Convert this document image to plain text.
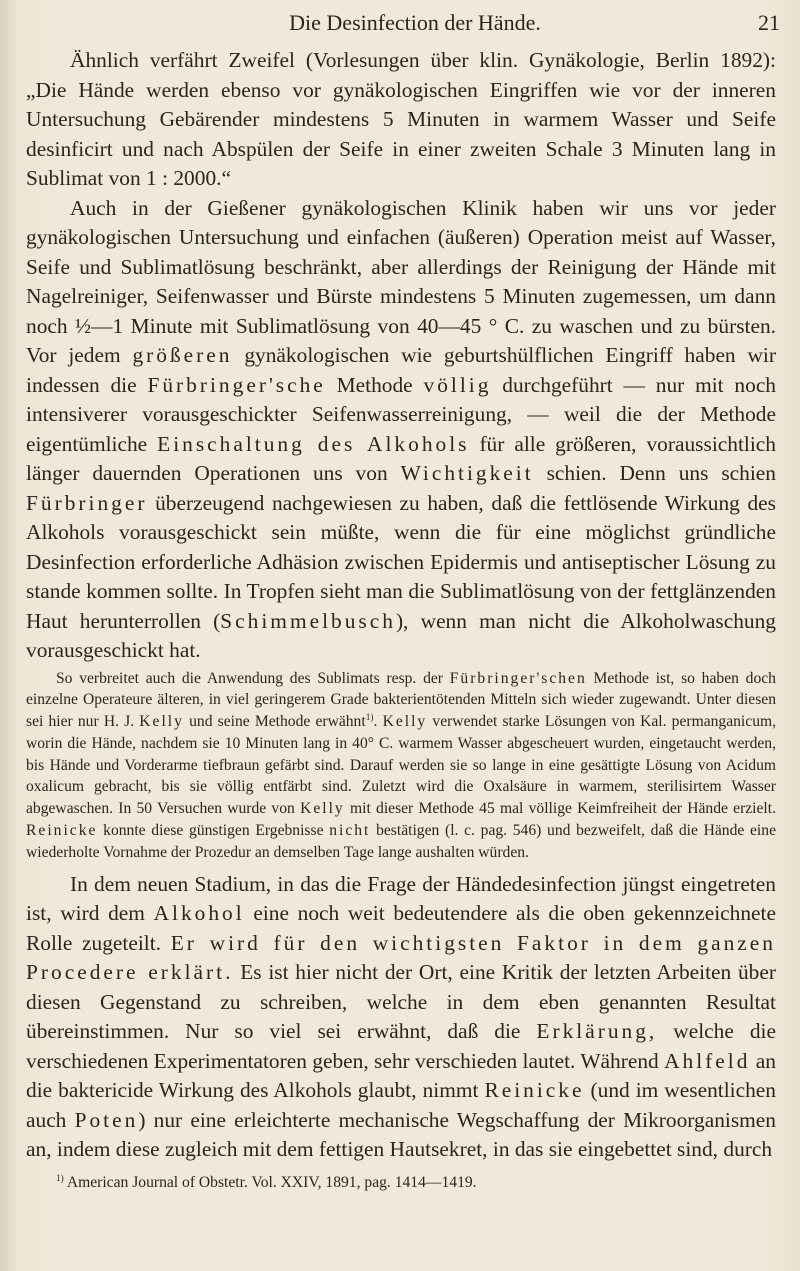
Die Desinfection der Hände.	21

Ähnlich verfährt Zweifel (Vorlesungen über klin. Gynäkologie, Berlin 1892): „Die Hände werden ebenso vor gynäkologischen Eingriffen wie vor der inneren Untersuchung Gebärender mindestens 5 Minuten in warmem Wasser und Seife desinficirt und nach Abspülen der Seife in einer zweiten Schale 3 Minuten lang in Sublimat von 1 : 2000.“

Auch in der Gießener gynäkologischen Klinik haben wir uns vor jeder gynäkologischen Untersuchung und einfachen (äußeren) Operation meist auf Wasser, Seife und Sublimatlösung beschränkt, aber allerdings der Reinigung der Hände mit Nagelreiniger, Seifenwasser und Bürste mindestens 5 Minuten zugemessen, um dann noch ½—1 Minute mit Sublimatlösung von 40—45 ° C. zu waschen und zu bürsten. Vor jedem größeren gynäkologischen wie geburtshülflichen Eingriff haben wir indessen die Fürbringer'sche Methode völlig durchgeführt — nur mit noch intensiverer vorausgeschickter Seifenwasserreinigung, — weil die der Methode eigentümliche Einschaltung des Alkohols für alle größeren, voraussichtlich länger dauernden Operationen uns von Wichtigkeit schien. Denn uns schien Fürbringer überzeugend nachgewiesen zu haben, daß die fettlösende Wirkung des Alkohols vorausgeschickt sein müßte, wenn die für eine möglichst gründliche Desinfection erforderliche Adhäsion zwischen Epidermis und antiseptischer Lösung zu stande kommen sollte. In Tropfen sieht man die Sublimatlösung von der fettglänzenden Haut herunterrollen (Schimmelbusch), wenn man nicht die Alkoholwaschung vorausgeschickt hat.

So verbreitet auch die Anwendung des Sublimats resp. der Fürbringer'schen Methode ist, so haben doch einzelne Operateure älteren, in viel geringerem Grade bakterientötenden Mitteln sich wieder zugewandt. Unter diesen sei hier nur H. J. Kelly und seine Methode erwähnt$^{1)}$. Kelly verwendet starke Lösungen von Kal. permanganicum, worin die Hände, nachdem sie 10 Minuten lang in 40° C. warmem Wasser abgescheuert wurden, eingetaucht werden, bis Hände und Vorderarme tiefbraun gefärbt sind. Darauf werden sie so lange in eine gesättigte Lösung von Acidum oxalicum gebracht, bis sie völlig entfärbt sind. Zuletzt wird die Oxalsäure in warmem, sterilisirtem Wasser abgewaschen. In 50 Versuchen wurde von Kelly mit dieser Methode 45 mal völlige Keimfreiheit der Hände erzielt. Reinicke konnte diese günstigen Ergebnisse nicht bestätigen (l. c. pag. 546) und bezweifelt, daß die Hände eine wiederholte Vornahme der Prozedur an demselben Tage lange aushalten würden.

In dem neuen Stadium, in das die Frage der Händedesinfection jüngst eingetreten ist, wird dem Alkohol eine noch weit bedeutendere als die oben gekennzeichnete Rolle zugeteilt. Er wird für den wichtigsten Faktor in dem ganzen Procedere erklärt. Es ist hier nicht der Ort, eine Kritik der letzten Arbeiten über diesen Gegenstand zu schreiben, welche in dem eben genannten Resultat übereinstimmen. Nur so viel sei erwähnt, daß die Erklärung, welche die verschiedenen Experimentatoren geben, sehr verschieden lautet. Während Ahlfeld an die baktericide Wirkung des Alkohols glaubt, nimmt Reinicke (und im wesentlichen auch Poten) nur eine erleichterte mechanische Wegschaffung der Mikroorganismen an, indem diese zugleich mit dem fettigen Hautsekret, in das sie eingebettet sind, durch

$^{1)}$ American Journal of Obstetr. Vol. XXIV, 1891, pag. 1414—1419.
